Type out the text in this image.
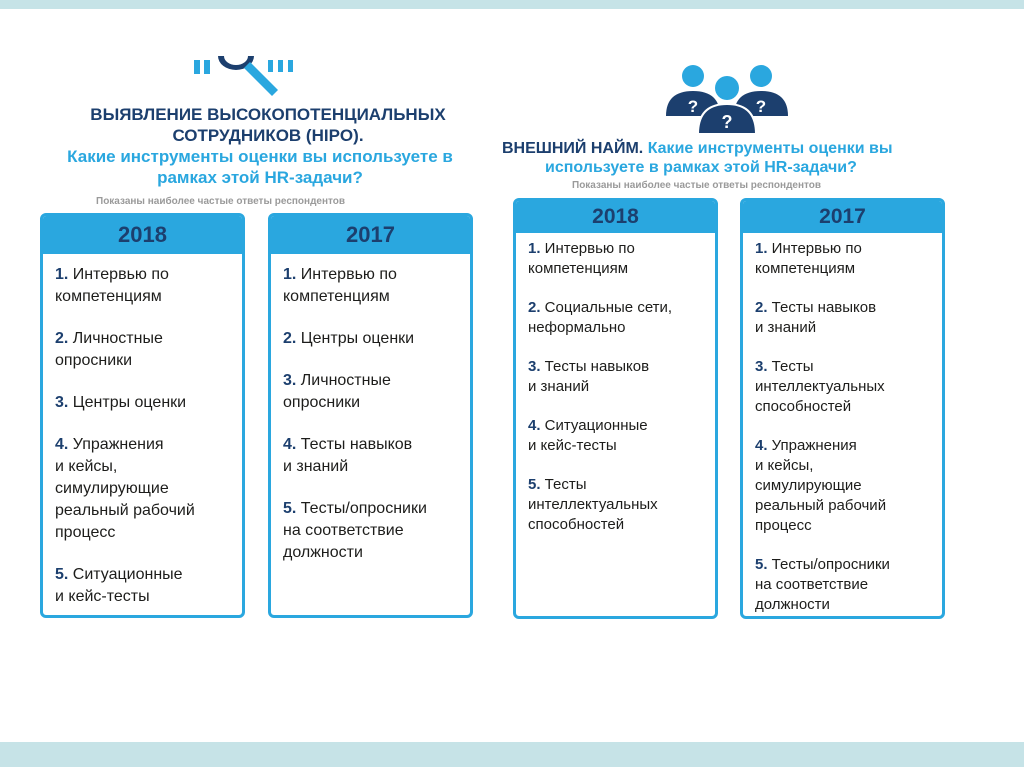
?	?
?
ВЫЯВЛЕНИЕ ВЫСОКОПОТЕНЦИАЛЬНЫХ
СОТРУДНИКОВ (HIPO).
Какие инструменты оценки вы используете в
рамках этой HR-задачи?
Показаны наиболее частые ответы респондентов
2018
1. Интервью по
компетенциям
2. Личностные
опросники
3. Центры оценки
4. Упражнения
и кейсы,
симулирующие
реальный рабочий
процесс
5. Ситуационные
и кейс-тесты
2017
1. Интервью по
компетенциям
2. Центры оценки
3. Личностные
опросники
4. Тесты навыков
и знаний
5. Тесты/опросники
на соответствие
должности
ВНЕШНИЙ НАЙМ. Какие инструменты оценки вы
используете в рамках этой HR-задачи?
Показаны наиболее частые ответы респондентов
2018
1. Интервью по
компетенциям
2. Социальные сети,
неформально
3. Тесты навыков
и знаний
4. Ситуационные
и кейс-тесты
5. Тесты
интеллектуальных
способностей
2017
1. Интервью по
компетенциям
2. Тесты навыков
и знаний
3. Тесты
интеллектуальных
способностей
4. Упражнения
и кейсы,
симулирующие
реальный рабочий
процесс
5. Тесты/опросники
на соответствие
должности
